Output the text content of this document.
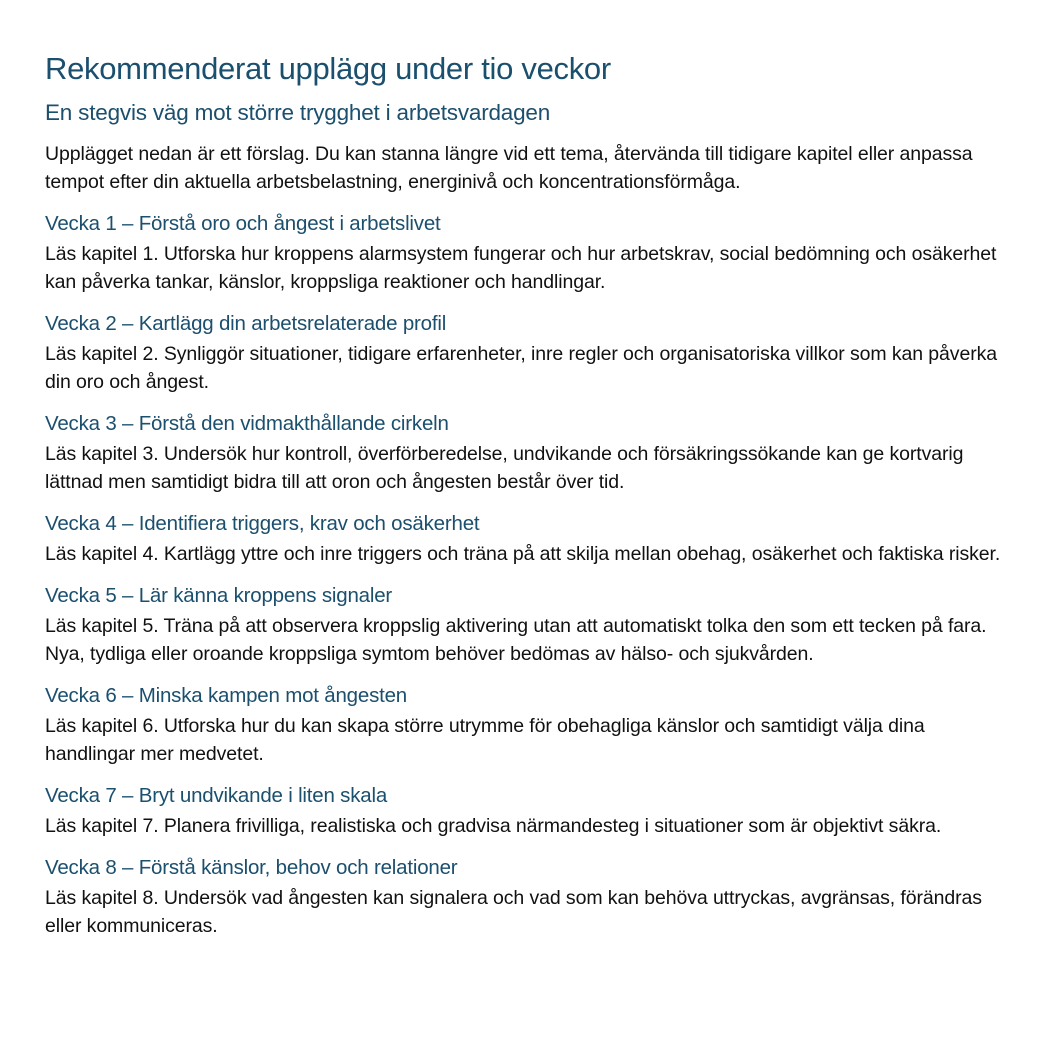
Rekommenderat upplägg under tio veckor
En stegvis väg mot större trygghet i arbetsvardagen

Upplägget nedan är ett förslag. Du kan stanna längre vid ett tema, återvända till tidigare kapitel eller anpassa tempot efter din aktuella arbetsbelastning, energinivå och koncentrationsförmåga.

Vecka 1 – Förstå oro och ångest i arbetslivet

Läs kapitel 1. Utforska hur kroppens alarmsystem fungerar och hur arbetskrav, social bedömning och osäkerhet kan påverka tankar, känslor, kroppsliga reaktioner och handlingar.

Vecka 2 – Kartlägg din arbetsrelaterade profil

Läs kapitel 2. Synliggör situationer, tidigare erfarenheter, inre regler och organisatoriska villkor som kan påverka din oro och ångest.

Vecka 3 – Förstå den vidmakthållande cirkeln

Läs kapitel 3. Undersök hur kontroll, överförberedelse, undvikande och försäkringssökande kan ge kortvarig lättnad men samtidigt bidra till att oron och ångesten består över tid.

Vecka 4 – Identifiera triggers, krav och osäkerhet

Läs kapitel 4. Kartlägg yttre och inre triggers och träna på att skilja mellan obehag, osäkerhet och faktiska risker.

Vecka 5 – Lär känna kroppens signaler

Läs kapitel 5. Träna på att observera kroppslig aktivering utan att automatiskt tolka den som ett tecken på fara. Nya, tydliga eller oroande kroppsliga symtom behöver bedömas av hälso- och sjukvården.

Vecka 6 – Minska kampen mot ångesten

Läs kapitel 6. Utforska hur du kan skapa större utrymme för obehagliga känslor och samtidigt välja dina handlingar mer medvetet.

Vecka 7 – Bryt undvikande i liten skala

Läs kapitel 7. Planera frivilliga, realistiska och gradvisa närmandesteg i situationer som är objektivt säkra.

Vecka 8 – Förstå känslor, behov och relationer

Läs kapitel 8. Undersök vad ångesten kan signalera och vad som kan behöva uttryckas, avgränsas, förändras eller kommuniceras.
